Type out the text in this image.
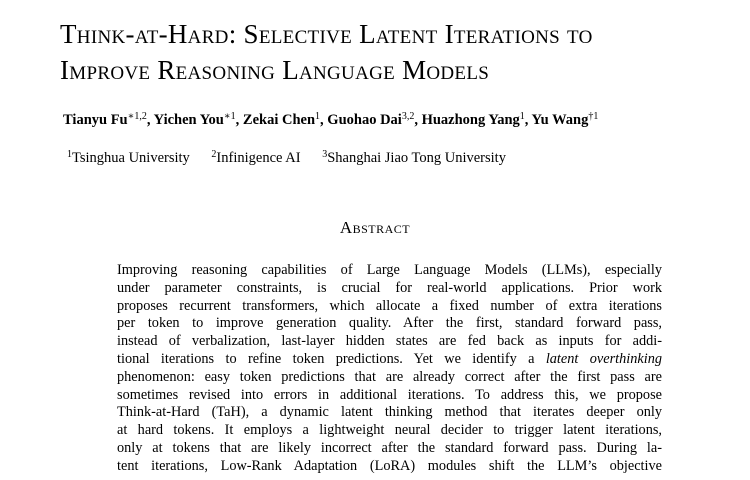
Think-at-Hard: Selective Latent Iterations to
Improve Reasoning Language Models
Tianyu $Fu^{∗1,2}$, Yichen You$^{∗1}$, Zekai Chen$^1$, Guohao Dai$^{3,2}$, Huazhong Yang$^1$, Yu Wang$^{\dagger 1}$
$^1$Tsinghua University $^2$Infinigence AI $^3$Shanghai Jiao Tong University
Abstract

Improving reasoning capabilities of Large Language Models (LLMs), especially
under parameter constraints, is crucial for real-world applications. Prior work
proposes recurrent transformers, which allocate a fixed number of extra iterations
per token to improve generation quality. After the first, standard forward pass,
instead of verbalization, last-layer hidden states are fed back as inputs for addi-
tional iterations to refine token predictions. Yet we identify a latent overthinking
phenomenon: easy token predictions that are already correct after the first pass are
sometimes revised into errors in additional iterations. To address this, we propose
Think-at-Hard (TaH), a dynamic latent thinking method that iterates deeper only
at hard tokens. It employs a lightweight neural decider to trigger latent iterations,
only at tokens that are likely incorrect after the standard forward pass. During la-
tent iterations, Low-Rank Adaptation (LoRA) modules shift the LLM’s objective
